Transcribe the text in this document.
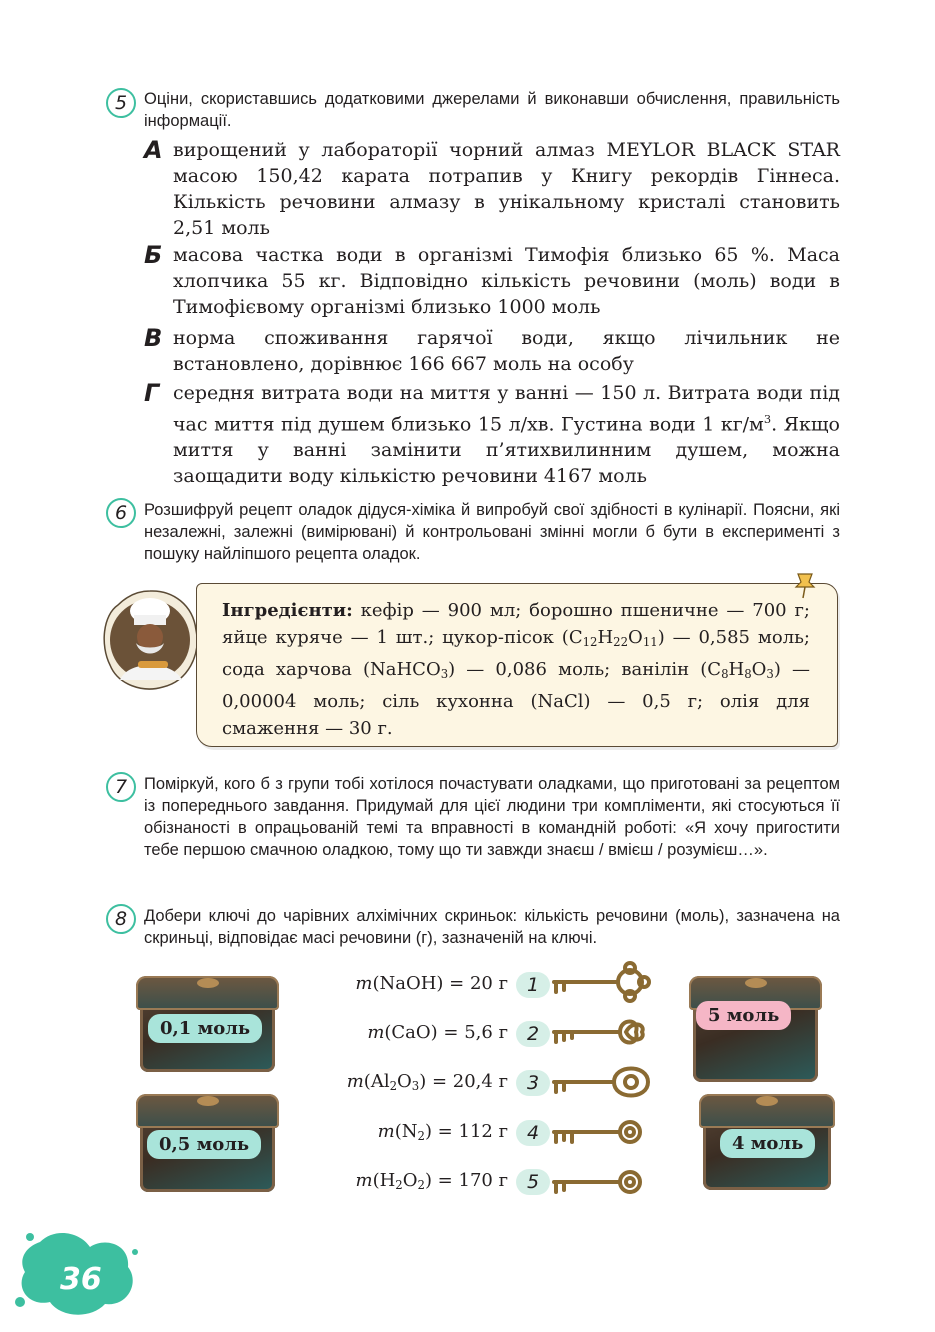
5	Оціни, скориставшись додатковими джерелами й виконавши обчислення, правильність інформації.
А вирощений у лабораторії чорний алмаз MEYLOR BLACK STAR масою 150,42 карата потрапив у Книгу рекордів Гіннеса. Кількість речовини алмазу в унікальному кристалі становить 2,51 моль
Б масова частка води в організмі Тимофія близько 65 %. Маса хлопчика 55 кг. Відповідно кількість речовини (моль) води в Тимофієвому організмі близько 1000 моль
В норма споживання гарячої води, якщо лічильник не встановлено, дорівнює 166 667 моль на особу
Г середня витрата води на миття у ванні — 150 л. Витрата води під час миття під душем близько 15 л/хв. Густина води 1 $кг/м^3$. Якщо миття у ванні замінити п’ятихвилинним душем, можна заощадити воду кількістю речовини 4167 моль
6	Розшифруй рецепт оладок дідуся-хіміка й випробуй свої здібності в кулінарії. Поясни, які незалежні, залежні (вимірювані) й контрольовані змінні могли б бути в експерименті з пошуку найліпшого рецепта оладок.
Інгредієнти: кефір — 900 мл; борошно пшеничне — 700 г; яйце куряче — 1 шт.; цукор-пісок $(C_{12}H_{22}O_{11})$ — 0,585 моль; сода харчова (NaHCO$_3$) — 0,086 моль; ванілін $(C_8H_8O_3)$ — 0,00004 моль; сіль кухонна (NaCl) — 0,5 г; олія для смаження — 30 г.
7	Поміркуй, кого б з групи тобі хотілося почастувати оладками, що приготовані за рецептом із попереднього завдання. Придумай для цієї людини три компліменти, які стосуються її обізнаності в опрацьованій темі та вправності в командній роботі: «Я хочу пригостити тебе першою смачною оладкою, тому що ти завжди знаєш / вмієш / розумієш…».
8	Добери ключі до чарівних алхімічних скриньок: кількість речовини (моль), зазначена на скриньці, відповідає масі речовини (г), зазначеній на ключі.
0,1 моль
0,5 моль
5 моль
4 моль
m(NaOH) = 20 г 1
m(CaO) = 5,6 г 2
$m(Al_2O_3) = 20,4$ г 3
$m(N_2) = 112$ г 4
$m(H_2O_2) = 170$ г 5
36
